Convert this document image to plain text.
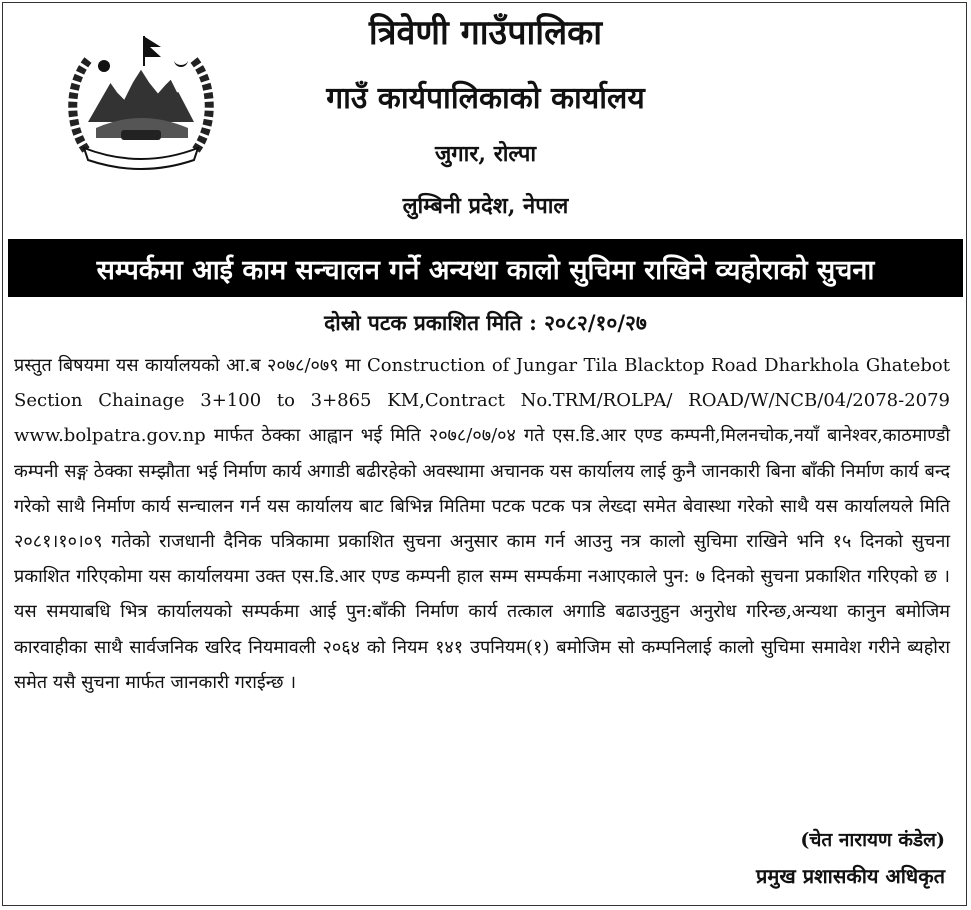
त्रिवेणी गाउँपालिका
गाउँ कार्यपालिकाको कार्यालय
जुगार, रोल्पा
लुम्बिनी प्रदेश, नेपाल
सम्पर्कमा आई काम सन्चालन गर्ने अन्यथा कालो सुचिमा राखिने व्यहोराको सुचना
दोस्रो पटक प्रकाशित मिति : २०८२/१०/२७
प्रस्तुत बिषयमा यस कार्यालयको आ.ब २०७८/०७९ मा Construction of Jungar Tila Blacktop Road Dharkhola Ghatebot Section Chainage 3+100 to 3+865 KM,Contract No.TRM/ROLPA/ ROAD/W/NCB/04/2078-2079 www.bolpatra.gov.np मार्फत ठेक्का आह्वान भई मिति २०७८/०७/०४ गते एस.डि.आर एण्ड कम्पनी,मिलनचोक,नयाँ बानेश्वर,काठमाण्डौ कम्पनी सङ्ग ठेक्का सम्झौता भई निर्माण कार्य अगाडी बढीरहेको अवस्थामा अचानक यस कार्यालय लाई कुनै जानकारी बिना बाँकी निर्माण कार्य बन्द गरेको साथै निर्माण कार्य सन्चालन गर्न यस कार्यालय बाट बिभिन्न मितिमा पटक पटक पत्र लेख्दा समेत बेवास्था गरेको साथै यस कार्यालयले मिति २०८१।१०।०९ गतेको राजधानी दैनिक पत्रिकामा प्रकाशित सुचना अनुसार काम गर्न आउनु नत्र कालो सुचिमा राखिने भनि १५ दिनको सुचना प्रकाशित गरिएकोमा यस कार्यालयमा उक्त एस.डि.आर एण्ड कम्पनी हाल सम्म सम्पर्कमा नआएकाले पुन: ७ दिनको सुचना प्रकाशित गरिएको छ । यस समयाबधि भित्र कार्यालयको सम्पर्कमा आई पुन:बाँकी निर्माण कार्य तत्काल अगाडि बढाउनुहुन अनुरोध गरिन्छ,अन्यथा कानुन बमोजिम कारवाहीका साथै सार्वजनिक खरिद नियमावली २०६४ को नियम १४१ उपनियम(१) बमोजिम सो कम्पनिलाई कालो सुचिमा समावेश गरीने ब्यहोरा समेत यसै सुचना मार्फत जानकारी गराईन्छ ।
(चेत नारायण कंडेल)
प्रमुख प्रशासकीय अधिकृत
